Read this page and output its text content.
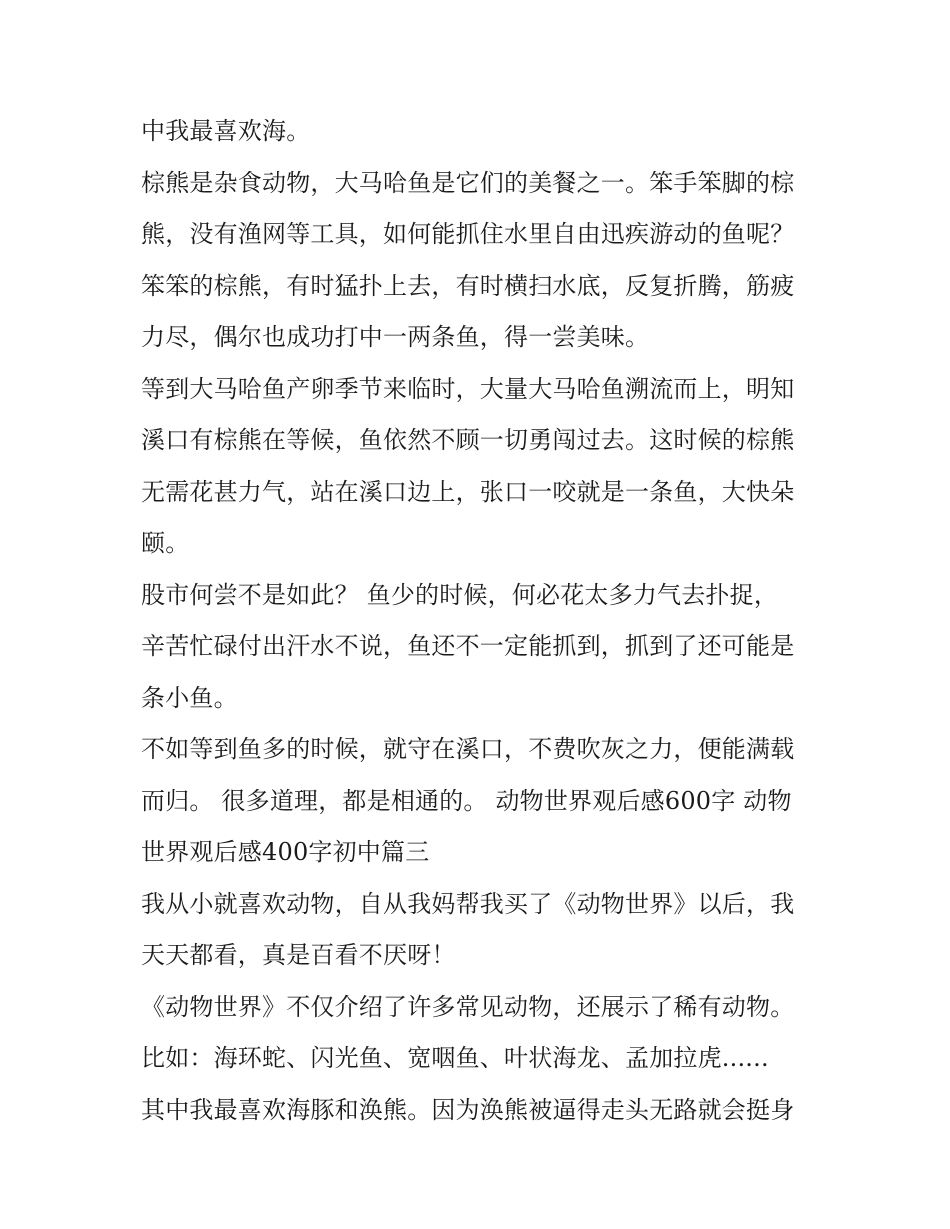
中我最喜欢海。
棕熊是杂食动物，大马哈鱼是它们的美餐之一。笨手笨脚的棕
熊，没有渔网等工具，如何能抓住水里自由迅疾游动的鱼呢？
笨笨的棕熊，有时猛扑上去，有时横扫水底，反复折腾，筋疲
力尽，偶尔也成功打中一两条鱼，得一尝美味。
等到大马哈鱼产卵季节来临时，大量大马哈鱼溯流而上，明知
溪口有棕熊在等候，鱼依然不顾一切勇闯过去。这时候的棕熊
无需花甚力气，站在溪口边上，张口一咬就是一条鱼，大快朵
颐。
股市何尝不是如此？ 鱼少的时候，何必花太多力气去扑捉，
辛苦忙碌付出汗水不说，鱼还不一定能抓到，抓到了还可能是
条小鱼。
不如等到鱼多的时候，就守在溪口，不费吹灰之力，便能满载
而归。 很多道理，都是相通的。 动物世界观后感600字 动物
世界观后感400字初中篇三
我从小就喜欢动物，自从我妈帮我买了《动物世界》以后，我
天天都看，真是百看不厌呀！
《动物世界》不仅介绍了许多常见动物，还展示了稀有动物。
比如：海环蛇、闪光鱼、宽咽鱼、叶状海龙、孟加拉虎......
其中我最喜欢海豚和涣熊。因为涣熊被逼得走头无路就会挺身
